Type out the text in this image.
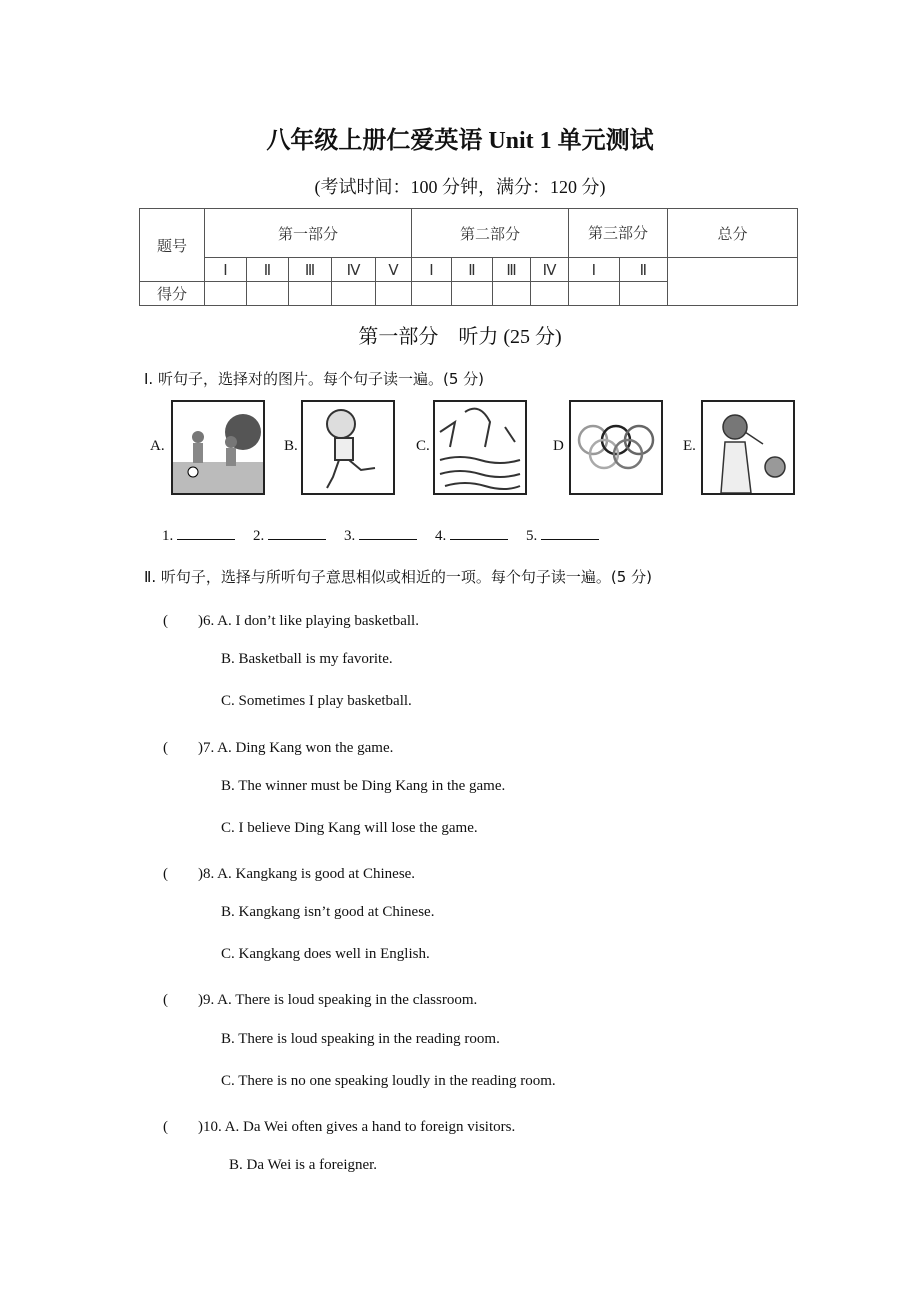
八年级上册仁爱英语 Unit 1 单元测试
(考试时间：100 分钟，满分：120 分)
题号	第一部分					第二部分				第三部分		总分
	Ⅰ	Ⅱ	Ⅲ	Ⅳ	Ⅴ	Ⅰ	Ⅱ	Ⅲ	Ⅳ	Ⅰ	Ⅱ	
得分												
第一部分　听力 (25 分)
Ⅰ. 听句子，选择对的图片。每个句子读一遍。(5 分)
A.	B.	C.	D	E.
1.	2.	3.	4.	5.
Ⅱ. 听句子，选择与所听句子意思相似或相近的一项。每个句子读一遍。(5 分)
(　　)6. A. I don’t like playing basketball.
B. Basketball is my favorite.
C. Sometimes I play basketball.
(　　)7. A. Ding Kang won the game.
B. The winner must be Ding Kang in the game.
C. I believe Ding Kang will lose the game.
(　　)8. A. Kangkang is good at Chinese.
B. Kangkang isn’t good at Chinese.
C. Kangkang does well in English.
(　　)9. A. There is loud speaking in the classroom.
B. There is loud speaking in the reading room.
C. There is no one speaking loudly in the reading room.
(　　)10. A. Da Wei often gives a hand to foreign visitors.
B. Da Wei is a foreigner.
